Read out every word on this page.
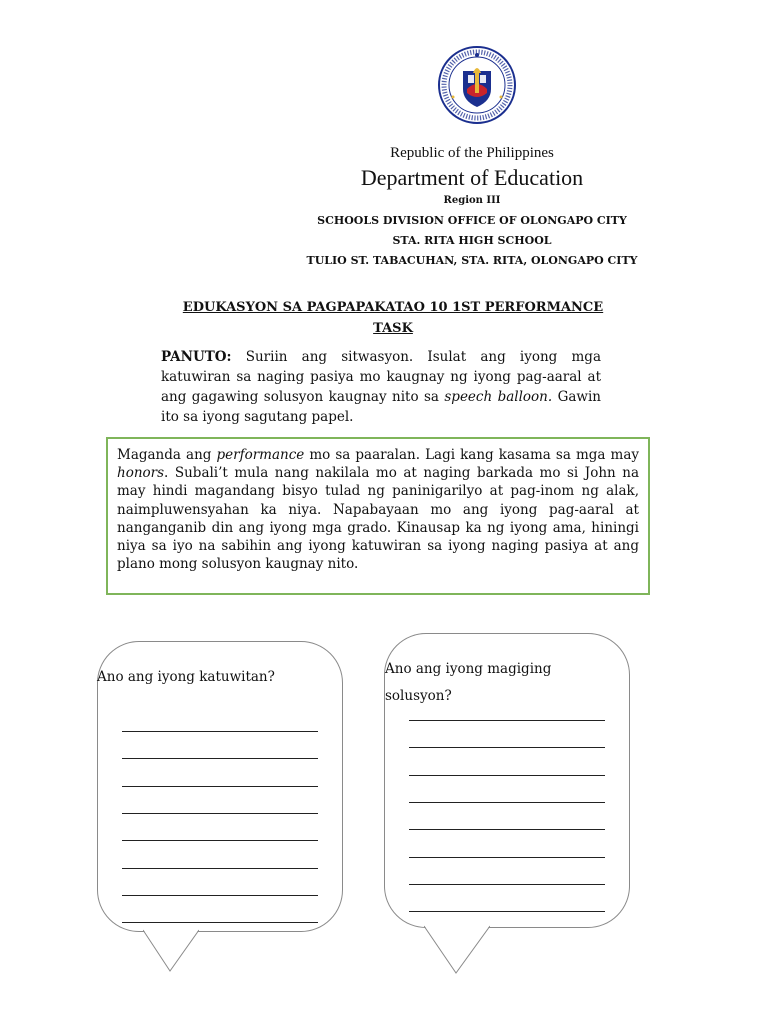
Republic of the Philippines
Department of Education
Region III
SCHOOLS DIVISION OFFICE OF OLONGAPO CITY
STA. RITA HIGH SCHOOL
TULIO ST. TABACUHAN, STA. RITA, OLONGAPO CITY
EDUKASYON SA PAGPAPAKATAO 10 1ST PERFORMANCE
TASK
PANUTO: Suriin ang sitwasyon. Isulat ang iyong mga katuwiran sa naging pasiya mo kaugnay ng iyong pag-aaral at ang gagawing solusyon kaugnay nito sa speech balloon. Gawin ito sa iyong sagutang papel.
Maganda ang performance mo sa paaralan. Lagi kang kasama sa mga may honors. Subali’t mula nang nakilala mo at naging barkada mo si John na may hindi magandang bisyo tulad ng paninigarilyo at pag-inom ng alak, naimpluwensyahan ka niya. Napabayaan mo ang iyong pag-aaral at nanganganib din ang iyong mga grado. Kinausap ka ng iyong ama, hiningi niya sa iyo na sabihin ang iyong katuwiran sa iyong naging pasiya at ang plano mong solusyon kaugnay nito.
Ano ang iyong katuwitan?	Ano ang iyong magiging
solusyon?
